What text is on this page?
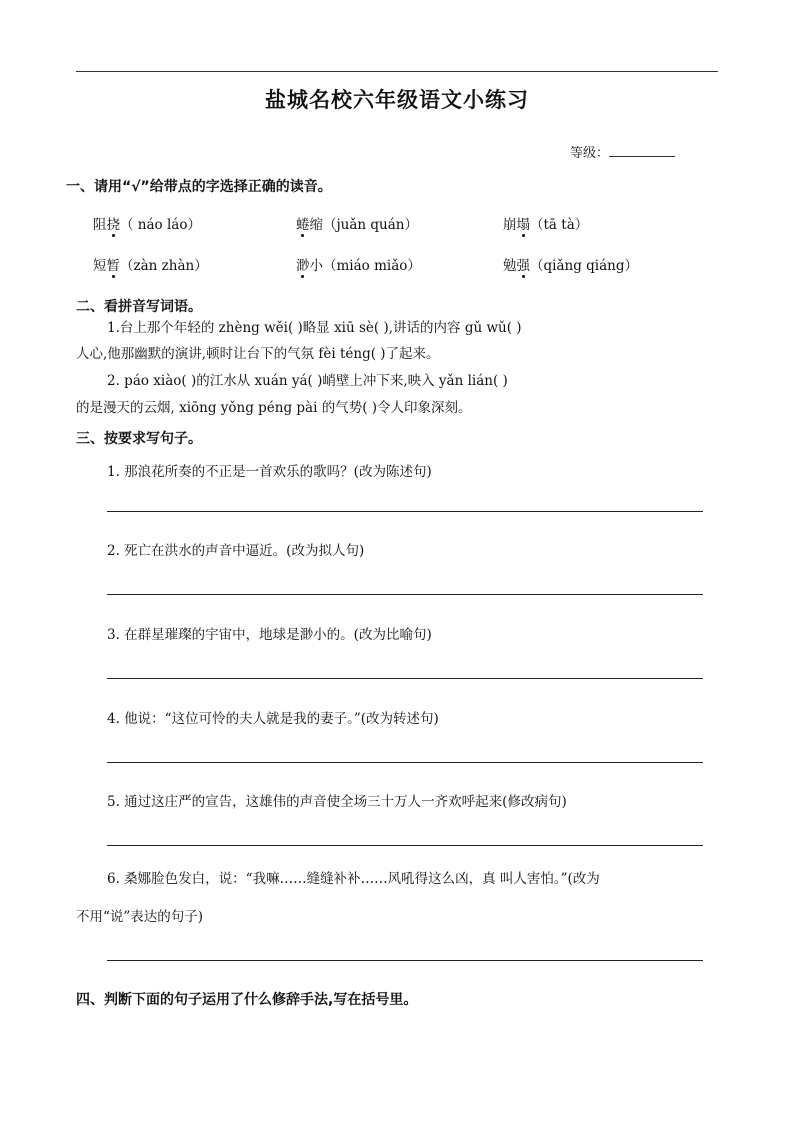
盐城名校六年级语文小练习
等级：
一、请用“√”给带点的字选择正确的读音。
阻挠（ náo láo）	蜷缩（juǎn quán）	崩塌（tā tà）
短暂（zàn zhàn）	渺小（miáo miǎo）	勉强（qiǎng qiáng）
二、看拼音写词语。
1.台上那个年轻的 zhèng wěi( )略显 xiū sè( ),讲话的内容 gǔ wǔ( )
人心,他那幽默的演讲,顿时让台下的气氛 fèi téng( )了起来。
2. páo xiào( )的江水从 xuán yá( )峭壁上冲下来,映入 yǎn lián( )
的是漫天的云烟, xiōng yǒng péng pài 的气势( )令人印象深刻。
三、按要求写句子。
1. 那浪花所奏的不正是一首欢乐的歌吗？(改为陈述句)
2. 死亡在洪水的声音中逼近。(改为拟人句)
3. 在群星璀璨的宇宙中，地球是渺小的。(改为比喻句)
4. 他说：“这位可怜的夫人就是我的妻子。”(改为转述句)
5. 通过这庄严的宣告，这雄伟的声音使全场三十万人一齐欢呼起来(修改病句)
6. 桑娜脸色发白，说：“我嘛……缝缝补补……风吼得这么凶，真 叫人害怕。”(改为
不用“说”表达的句子)
四、判断下面的句子运用了什么修辞手法,写在括号里。
